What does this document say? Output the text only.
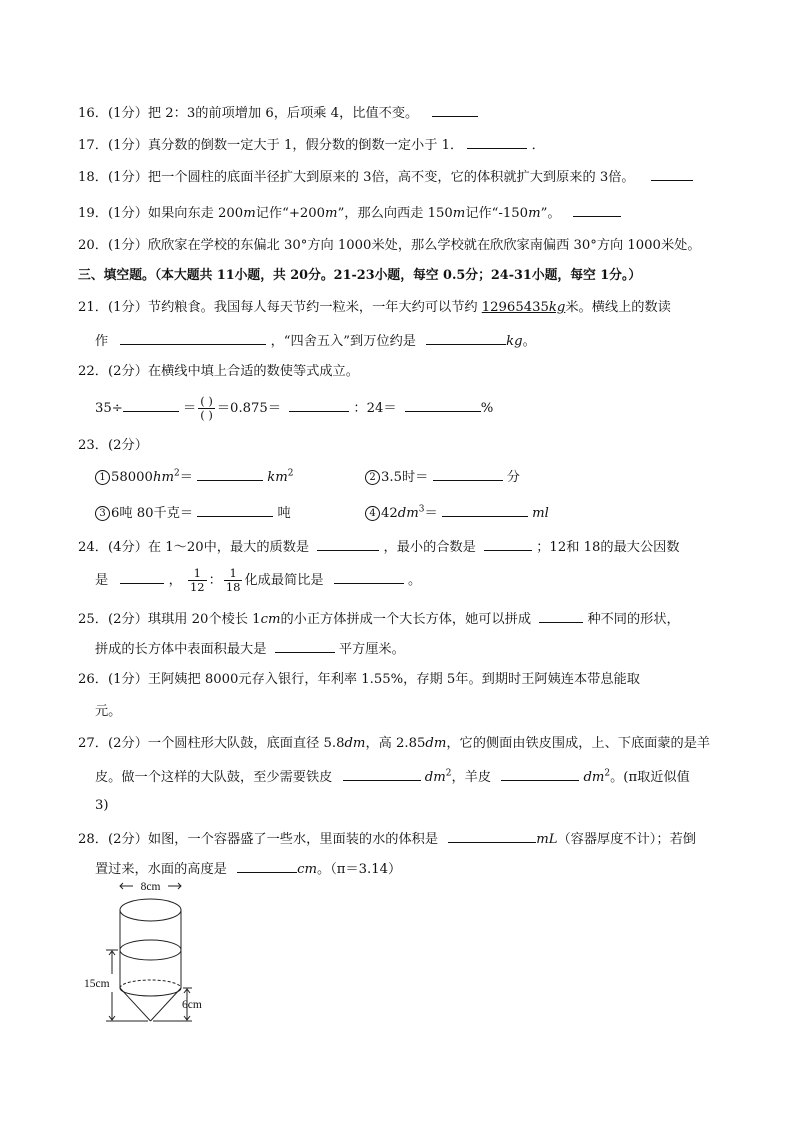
16．(1分）把 2：3的前项增加 6，后项乘 4，比值不变。
17．(1分）真分数的倒数一定大于 1，假分数的倒数一定小于 1．	．
18．(1分）把一个圆柱的底面半径扩大到原来的 3倍，高不变，它的体积就扩大到原来的 3倍。
19．(1分）如果向东走 200m记作“+200m”，那么向西走 150m记作“-150m”。
20．(1分）欣欣家在学校的东偏北 30°方向 1000米处，那么学校就在欣欣家南偏西 30°方向 1000米处。
三、填空题。（本大题共 11小题，共 20分。21-23小题，每空 0.5分；24-31小题，每空 1分。）
21．(1分）节约粮食。我国每人每天节约一粒米，一年大约可以节约 12965435kg米。横线上的数读
作	，“四舍五入”到万位约是	kg。
22．(2分）在横线中填上合适的数使等式成立。
35÷	＝ $\frac{( )}{( )} =0.875=$	：24＝	%
23．(2分）
1 $58000hm^2=$	$km^2$	2 3.5时＝	分
3 6吨 80千克＝	吨	4 $42dm^3=$	ml
24．(4分）在 1～20中，最大的质数是	，最小的合数是	；12和 18的最大公因数
是	， $\frac{1}{12}$ ： $\frac{1}{18}$ 化成最简比是	。
25．(2分）琪琪用 20个棱长 1cm的小正方体拼成一个大长方体，她可以拼成	种不同的形状，
拼成的长方体中表面积最大是	平方厘米。
26．(1分）王阿姨把 8000元存入银行，年利率 1.55%，存期 5年。到期时王阿姨连本带息能取
元。
27．(2分）一个圆柱形大队鼓，底面直径 5.8dm，高 2.85dm，它的侧面由铁皮围成，上、下底面蒙的是羊
皮。做一个这样的大队鼓，至少需要铁皮	$dm^2$，羊皮	$dm^2$。(π取近似值
3)
28．(2分）如图，一个容器盛了一些水，里面装的水的体积是	mL（容器厚度不计）；若倒
置过来，水面的高度是	cm。（π＝3.14）
8cm
15cm
6cm
